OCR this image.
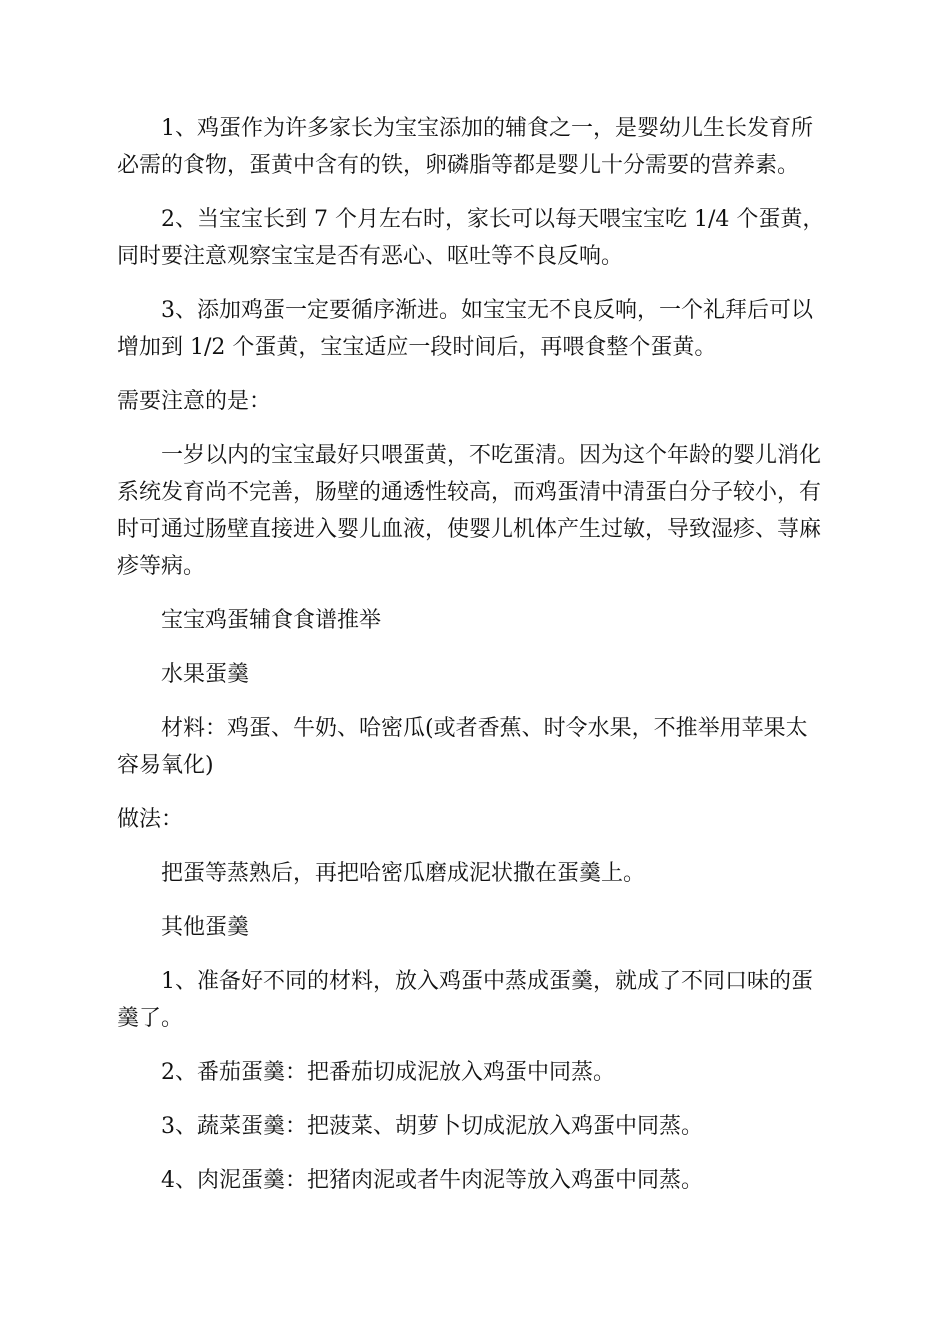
1、鸡蛋作为许多家长为宝宝添加的辅食之一，是婴幼儿生长发育所
必需的食物，蛋黄中含有的铁，卵磷脂等都是婴儿十分需要的营养素。

2、当宝宝长到 7 个月左右时，家长可以每天喂宝宝吃 1/4 个蛋黄，
同时要注意观察宝宝是否有恶心、呕吐等不良反响。

3、添加鸡蛋一定要循序渐进。如宝宝无不良反响，一个礼拜后可以
增加到 1/2 个蛋黄，宝宝适应一段时间后，再喂食整个蛋黄。

需要注意的是：

一岁以内的宝宝最好只喂蛋黄，不吃蛋清。因为这个年龄的婴儿消化
系统发育尚不完善，肠壁的通透性较高，而鸡蛋清中清蛋白分子较小，有
时可通过肠壁直接进入婴儿血液，使婴儿机体产生过敏，导致湿疹、荨麻
疹等病。

宝宝鸡蛋辅食食谱推举

水果蛋羹

材料：鸡蛋、牛奶、哈密瓜(或者香蕉、时令水果，不推举用苹果太
容易氧化)

做法：

把蛋等蒸熟后，再把哈密瓜磨成泥状撒在蛋羹上。

其他蛋羹

1、准备好不同的材料，放入鸡蛋中蒸成蛋羹，就成了不同口味的蛋
羹了。

2、番茄蛋羹：把番茄切成泥放入鸡蛋中同蒸。

3、蔬菜蛋羹：把菠菜、胡萝卜切成泥放入鸡蛋中同蒸。

4、肉泥蛋羹：把猪肉泥或者牛肉泥等放入鸡蛋中同蒸。
